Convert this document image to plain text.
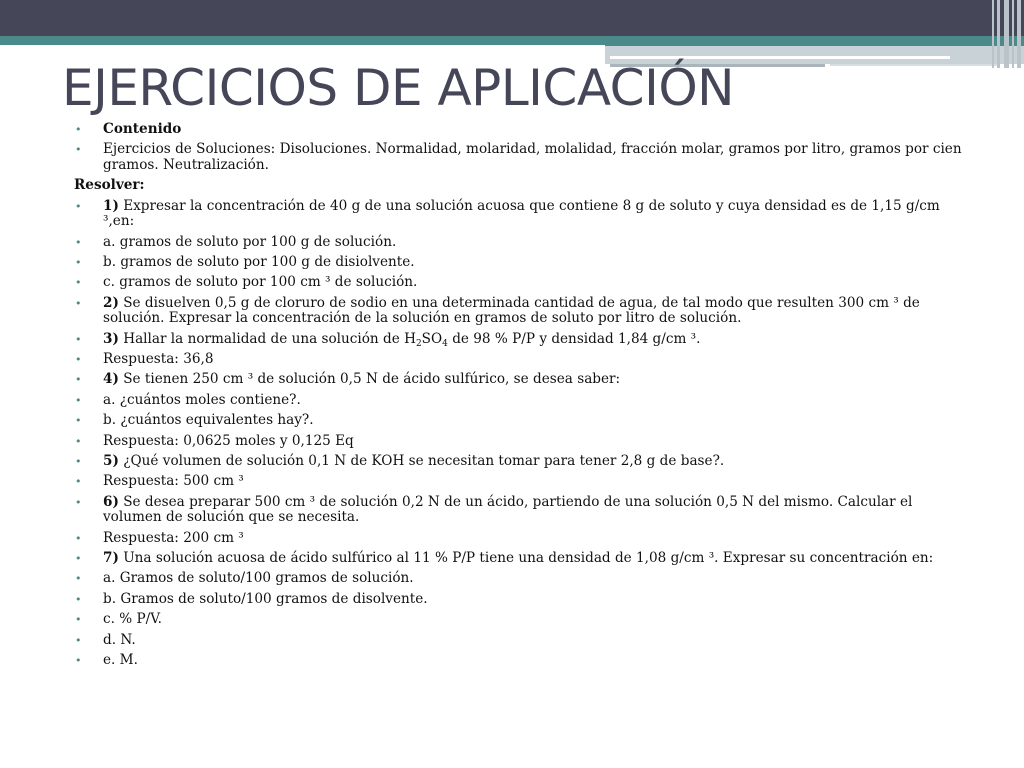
EJERCICIOS DE APLICACIÓN
• Contenido
• Ejercicios de Soluciones: Disoluciones. Normalidad, molaridad, molalidad, fracción molar, gramos por litro, gramos por cien gramos. Neutralización.
Resolver:
• 1) Expresar la concentración de 40 g de una solución acuosa que contiene 8 g de soluto y cuya densidad es de 1,15 g/cm ³,en:
• a. gramos de soluto por 100 g de solución.
• b. gramos de soluto por 100 g de disiolvente.
• c. gramos de soluto por 100 cm ³ de solución.
• 2) Se disuelven 0,5 g de cloruro de sodio en una determinada cantidad de agua, de tal modo que resulten 300 cm ³ de solución. Expresar la concentración de la solución en gramos de soluto por litro de solución.
• 3) Hallar la normalidad de una solución de $H_2SO_4$ de 98 % P/P y densidad 1,84 g/cm ³.
• Respuesta: 36,8
• 4) Se tienen 250 cm ³ de solución 0,5 N de ácido sulfúrico, se desea saber:
• a. ¿cuántos moles contiene?.
• b. ¿cuántos equivalentes hay?.
• Respuesta: 0,0625 moles y 0,125 Eq
• 5) ¿Qué volumen de solución 0,1 N de KOH se necesitan tomar para tener 2,8 g de base?.
• Respuesta: 500 cm ³
• 6) Se desea preparar 500 cm ³ de solución 0,2 N de un ácido, partiendo de una solución 0,5 N del mismo. Calcular el volumen de solución que se necesita.
• Respuesta: 200 cm ³
• 7) Una solución acuosa de ácido sulfúrico al 11 % P/P tiene una densidad de 1,08 g/cm ³. Expresar su concentración en:
• a. Gramos de soluto/100 gramos de solución.
• b. Gramos de soluto/100 gramos de disolvente.
• c. % P/V.
• d. N.
• e. M.
